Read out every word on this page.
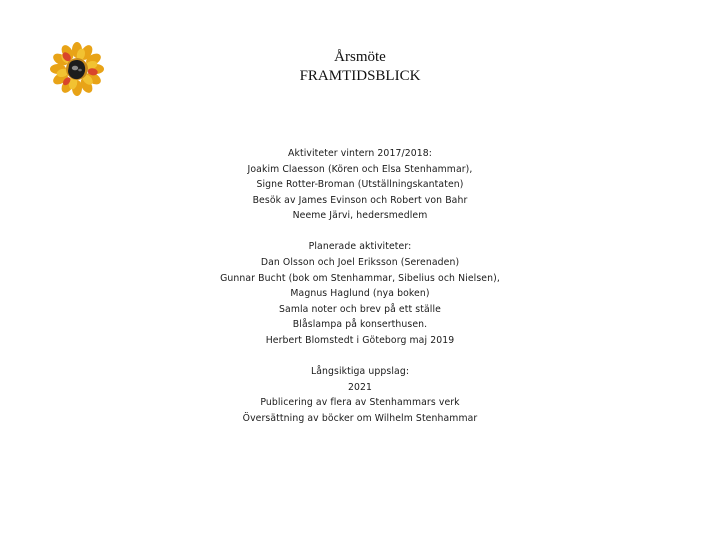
Årsmöte
FRAMTIDSBLICK
Aktiviteter vintern 2017/2018:
Joakim Claesson (Kören och Elsa Stenhammar),
Signe Rotter-Broman (Utställningskantaten)
Besök av James Evinson och Robert von Bahr
Neeme Järvi, hedersmedlem
Planerade aktiviteter:
Dan Olsson och Joel Eriksson (Serenaden)
Gunnar Bucht (bok om Stenhammar, Sibelius och Nielsen),
Magnus Haglund (nya boken)
Samla noter och brev på ett ställe
Blåslampa på konserthusen.
Herbert Blomstedt i Göteborg maj 2019
Långsiktiga uppslag:
2021
Publicering av flera av Stenhammars verk
Översättning av böcker om Wilhelm Stenhammar
